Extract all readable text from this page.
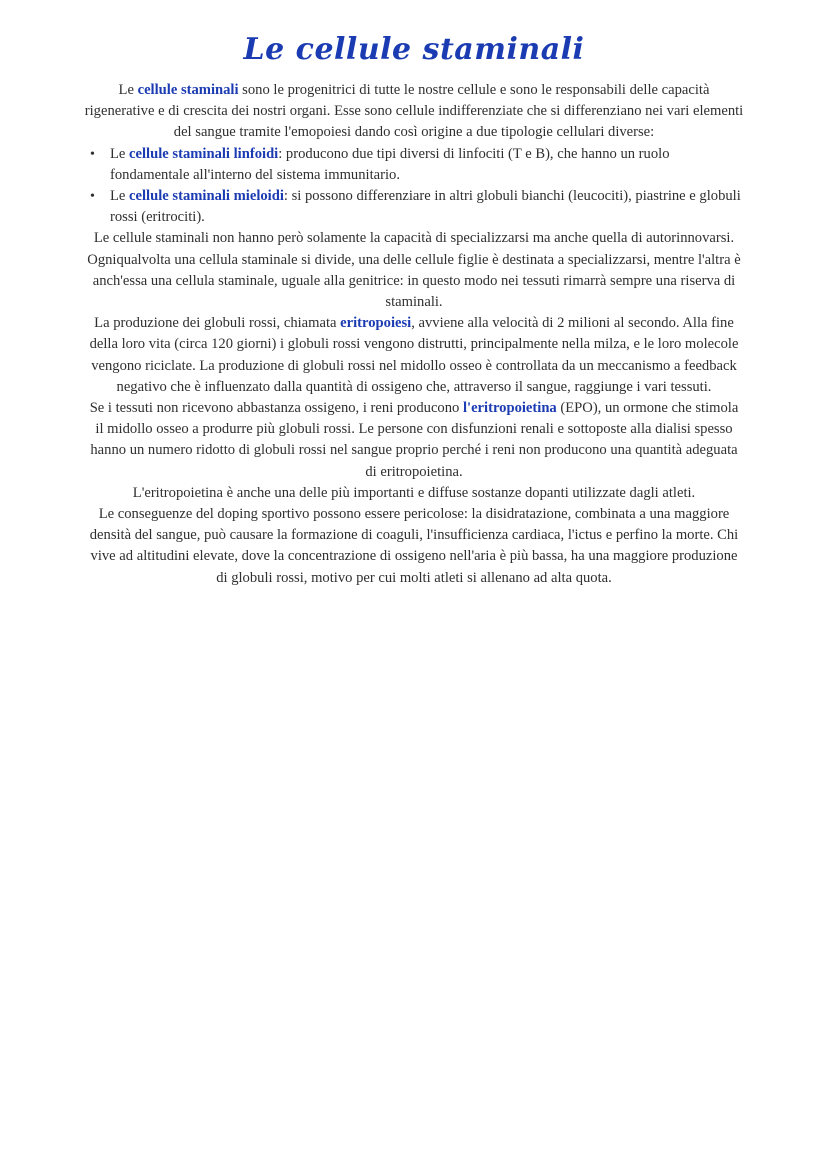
Le cellule staminali

Le cellule staminali sono le progenitrici di tutte le nostre cellule e sono le responsabili delle capacità rigenerative e di crescita dei nostri organi. Esse sono cellule indifferenziate che si differenziano nei vari elementi del sangue tramite l'emopoiesi dando così origine a due tipologie cellulari diverse:

• Le cellule staminali linfoidi: producono due tipi diversi di linfociti (T e B), che hanno un ruolo fondamentale all'interno del sistema immunitario.
• Le cellule staminali mieloidi: si possono differenziare in altri globuli bianchi (leucociti), piastrine e globuli rossi (eritrociti).

Le cellule staminali non hanno però solamente la capacità di specializzarsi ma anche quella di autorinnovarsi. Ogniqualvolta una cellula staminale si divide, una delle cellule figlie è destinata a specializzarsi, mentre l'altra è anch'essa una cellula staminale, uguale alla genitrice: in questo modo nei tessuti rimarrà sempre una riserva di staminali.

La produzione dei globuli rossi, chiamata eritropoiesi, avviene alla velocità di 2 milioni al secondo. Alla fine della loro vita (circa 120 giorni) i globuli rossi vengono distrutti, principalmente nella milza, e le loro molecole vengono riciclate. La produzione di globuli rossi nel midollo osseo è controllata da un meccanismo a feedback negativo che è influenzato dalla quantità di ossigeno che, attraverso il sangue, raggiunge i vari tessuti.

Se i tessuti non ricevono abbastanza ossigeno, i reni producono l'eritropoietina (EPO), un ormone che stimola il midollo osseo a produrre più globuli rossi. Le persone con disfunzioni renali e sottoposte alla dialisi spesso hanno un numero ridotto di globuli rossi nel sangue proprio perché i reni non producono una quantità adeguata di eritropoietina.

L'eritropoietina è anche una delle più importanti e diffuse sostanze dopanti utilizzate dagli atleti.

Le conseguenze del doping sportivo possono essere pericolose: la disidratazione, combinata a una maggiore densità del sangue, può causare la formazione di coaguli, l'insufficienza cardiaca, l'ictus e perfino la morte. Chi vive ad altitudini elevate, dove la concentrazione di ossigeno nell'aria è più bassa, ha una maggiore produzione di globuli rossi, motivo per cui molti atleti si allenano ad alta quota.
